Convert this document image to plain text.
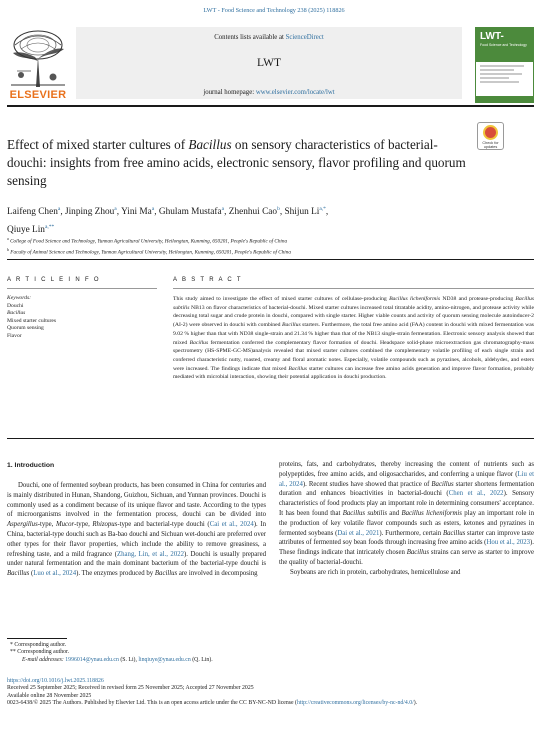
LWT - Food Science and Technology 238 (2025) 118826
ELSEVIER
Contents lists available at ScienceDirect
LWT
journal homepage: www.elsevier.com/locate/lwt
LWT-
Food Science and Technology
Effect of mixed starter cultures of Bacillus on sensory characteristics of bacterial-douchi: insights from free amino acids, electronic sensory, flavor profiling and quorum sensing
Check for
updates
Laifeng Chen$^a$, Jinping Zhou$^a$, Yini Ma$^a$, Ghulam Mustafa$^a$, Zhenhui Cao$^b$, Shijun $Li^{a,*}$,
Qiuye Lin$^{a,**}$
$^a$ College of Food Science and Technology, Yunnan Agricultural University, Heilongtan, Kunming, 650201, People's Republic of China
$^b$ Faculty of Animal Science and Technology, Yunnan Agricultural University, Heilongtan, Kunming, 650201, People's Republic of China
A R T I C L E I N F O	A B S T R A C T
Keywords:
Douchi
Bacillus
Mixed starter cultures
Quorum sensing
Flavor
This study aimed to investigate the effect of mixed starter cultures of cellulase-producing Bacillus licheniformis ND38 and protease-producing Bacillus subtilis NB13 on flavor characteristics of bacterial-douchi. Mixed starter cultures increased total titratable acidity, amino-nitrogen, and protease activity while decreasing total sugar and crude protein in douchi, compared with single starter. Higher viable counts and activity of quorum sensing molecule autoinducer-2 (AI-2) were observed in douchi with combined Bacillus starters. Furthermore, the total free amino acid (FAA) content in douchi with mixed fermentation was 9.02 % higher than that with ND38 single-strain and 21.34 % higher than that of the NB13 single-strain fermentation. Electronic sensory analysis showed that mixed Bacillus fermentation conferred the complementary flavor formation of douchi. Headspace solid-phase microextraction gas chromatography-mass spectrometry (HS-SPME-GC-MS)analysis revealed that mixed starter cultures combined the complementary volatile profiling of each single strain and conferred characteristic nutty, roasted, creamy and floral aromatic notes. Especially, volatile compounds such as pyrazines, alcohols, aldehydes, and esters were increased. The findings indicate that mixed Bacillus starter cultures can increase free amino acids generation and improve flavor formation, probably mediated with microbial interaction, showing their potential application in douchi production.
1. Introduction
Douchi, one of fermented soybean products, has been consumed in China for centuries and is mainly distributed in Hunan, Shandong, Guizhou, Sichuan, and Yunnan provinces. Douchi is commonly used as a condiment because of its unique flavor and taste. According to the types of microorganisms involved in the fermentation process, douchi can be divided into Aspergillus-type, Mucor-type, Rhizopus-type and bacterial-type douchi (Cai et al., 2024). In China, bacterial-type douchi such as Ba-bao douchi and Sichuan wet-douchi are preferred over other types for their flavor properties, which include the ability to remove greasiness, a refreshing taste, and a mild fragrance (Zhang, Lin, et al., 2022). Douchi is usually prepared under natural fermentation and the main dominant bacterium of the bacterial-type douchi is Bacillus (Luo et al., 2024). The enzymes produced by Bacillus are involved in decomposing

proteins, fats, and carbohydrates, thereby increasing the content of nutrients such as polypeptides, free amino acids, and oligosaccharides, and conferring a unique flavor (Liu et al., 2024). Recent studies have showed that practice of Bacillus starter shortens fermentation duration and enhances bioactivities in bacterial-douchi (Chen et al., 2022). Sensory characteristics of food products play an important role in determining consumers' acceptance. It has been found that Bacillus subtilis and Bacillus licheniformis play an important role in the production of key volatile flavor compounds such as esters, ketones and pyrazines in fermented soybeans (Dai et al., 2021). Furthermore, certain Bacillus starter can improve taste attributes of fermented soy bean foods through increasing free amino acids (Hou et al., 2023). These findings indicate that intricately chosen Bacillus strains can serve as starter to improve the quality of bacterial-douchi.

Soybeans are rich in protein, carbohydrates, hemicellulose and

* Corresponding author.
** Corresponding author.
E-mail addresses: 1996014@ynau.edu.cn (S. Li), linqiuye@ynau.edu.cn (Q. Lin).
https://doi.org/10.1016/j.lwt.2025.118826
Received 25 September 2025; Received in revised form 25 November 2025; Accepted 27 November 2025
Available online 28 November 2025
0023-6438/© 2025 The Authors. Published by Elsevier Ltd. This is an open access article under the CC BY-NC-ND license (http://creativecommons.org/licenses/by-nc-nd/4.0/).
